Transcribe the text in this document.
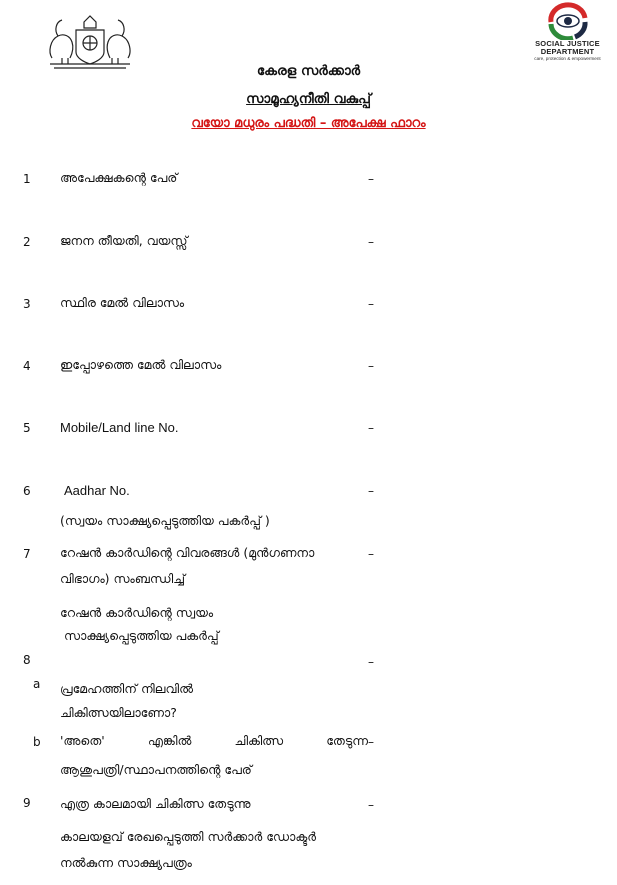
SOCIAL JUSTICE
DEPARTMENT
care, protection & empowerment
കേരള സർക്കാർ
സാമൂഹ്യനീതി വകുപ്പ്
വയോ മധുരം പദ്ധതി – അപേക്ഷ ഫാറം
1 അപേക്ഷകന്റെ പേര്	–
2 ജനന തീയതി, വയസ്സ്	–
3 സ്ഥിര മേൽ വിലാസം	–
4 ഇപ്പോഴത്തെ മേൽ വിലാസം	–
5 Mobile/Land line No.	–
6	Aadhar No.	–
(സ്വയം സാക്ഷ്യപ്പെടുത്തിയ പകർപ്പ് )
7 റേഷൻ കാർഡിന്റെ വിവരങ്ങൾ (മുൻഗണനാ	–
വിഭാഗം) സംബന്ധിച്ച്
റേഷൻ കാർഡിന്റെ സ്വയം
സാക്ഷ്യപ്പെടുത്തിയ പകർപ്പ്
8	–
a പ്രമേഹത്തിന് നിലവിൽ
ചികിത്സയിലാണോ?
b 'അതെ'	എങ്കിൽ	ചികിത്സ	തേടുന്ന –
ആശുപത്രി/സ്ഥാപനത്തിന്റെ പേര്
9 എത്ര കാലമായി ചികിത്സ തേടുന്നു	–
കാലയളവ് രേഖപ്പെടുത്തി സർക്കാർ ഡോക്ടർ
നൽകുന്ന സാക്ഷ്യപത്രം
